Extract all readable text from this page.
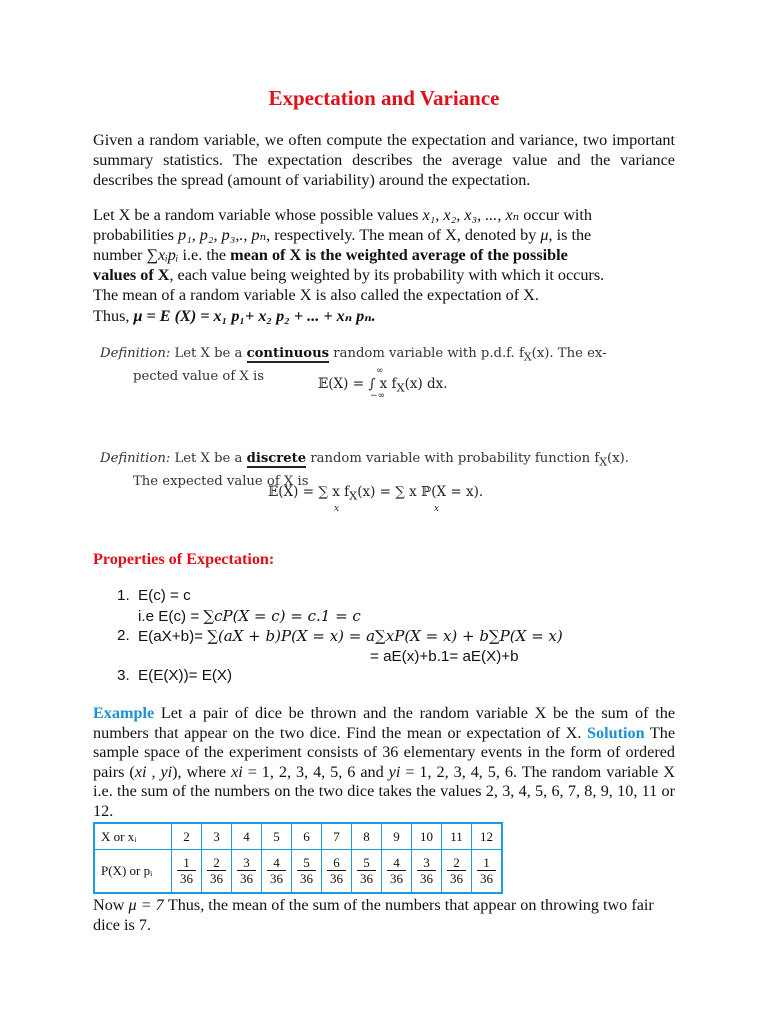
Expectation and Variance
Given a random variable, we often compute the expectation and variance, two important summary statistics. The expectation describes the average value and the variance describes the spread (amount of variability) around the expectation.
Let X be a random variable whose possible values x₁, x₂, x₃, ..., xₙ occur with
probabilities p₁, p₂, p₃,., pₙ, respectively. The mean of X, denoted by μ, is the
number ∑xᵢpᵢ i.e. the mean of X is the weighted average of the possible
values of X, each value being weighted by its probability with which it occurs.
The mean of a random variable X is also called the expectation of X.
Thus, μ = E (X) = x₁ p₁+ x₂ p₂ + ... + xₙ pₙ.
Definition: Let X be a continuous random variable with p.d.f. $f_X(x)$. The ex-
pected value of X is	𝔼(X) = ∫ x $f_X(x)$ dx.
∞
−∞
Definition: Let X be a discrete random variable with probability function $f_X(x)$.
The expected value of X is
𝔼(X) = ∑ x $f_X(x)$ = ∑ x ℙ(X = x).
x	x
Properties of Expectation:
1. E(c) = c
i.e E(c) = ∑cP(X = c) = c.1 = c
2. E(aX+b)= ∑(aX + b)P(X = x) = a∑xP(X = x) + b∑P(X = x)
= aE(x)+b.1= aE(X)+b
3. E(E(X))= E(X)
Example Let a pair of dice be thrown and the random variable X be the sum of the numbers that appear on the two dice. Find the mean or expectation of X. Solution The sample space of the experiment consists of 36 elementary events in the form of ordered pairs (xi , yi), where xi = 1, 2, 3, 4, 5, 6 and yi = 1, 2, 3, 4, 5, 6. The random variable X i.e. the sum of the numbers on the two dice takes the values 2, 3, 4, 5, 6, 7, 8, 9, 10, 11 or 12.
X or xᵢ	2	3	4	5	6	7	8	9	10	11	12
P(X) or pᵢ	$\frac{1}{36}$	$\frac{2}{36}$	$\frac{3}{36}$	$\frac{4}{36}$	$\frac{5}{36}$	$\frac{6}{36}$	$\frac{5}{36}$	$\frac{4}{36}$	$\frac{3}{36}$	$\frac{2}{36}$	$\frac{1}{36}$
Now μ = 7 Thus, the mean of the sum of the numbers that appear on throwing two fair dice is 7.
